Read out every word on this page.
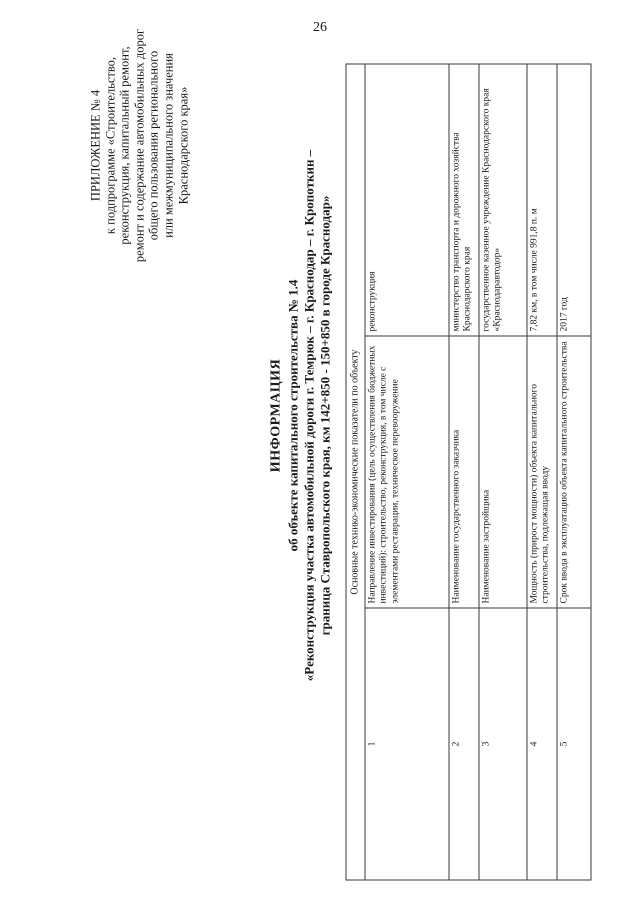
26
ПРИЛОЖЕНИЕ № 4 к подпрограмме «Строительство, реконструкция, капитальный ремонт, ремонт и содержание автомобильных дорог общего пользования регионального или межмуниципального значения Краснодарского края»
ИНФОРМАЦИЯ об объекте капитального строительства № 1.4 «Реконструкция участка автомобильной дороги г. Темрюк – г. Краснодар – г. Кропоткин – граница Ставропольского края, км 142+850 - 150+850 в городе Краснодар» Основные технико-экономические показатели по объекту		
1	Направление инвестирования (цель осуществления бюджетных инвестиций): строительство, реконструкция, в том числе с элементами реставрации, техническое перевооружение	реконструкция
2	Наименование государственного заказчика	министерство транспорта и дорожного хозяйства Краснодарского края
3	Наименование застройщика	государственное казенное учреждение Краснодарского края «Краснодаравтодор»
4	Мощность (прирост мощности) объекта капитального строительства, подлежащая вводу	7,82 км, в том числе 991,8 п. м
5	Срок ввода в эксплуатацию объекта капитального строительства	2017 год
